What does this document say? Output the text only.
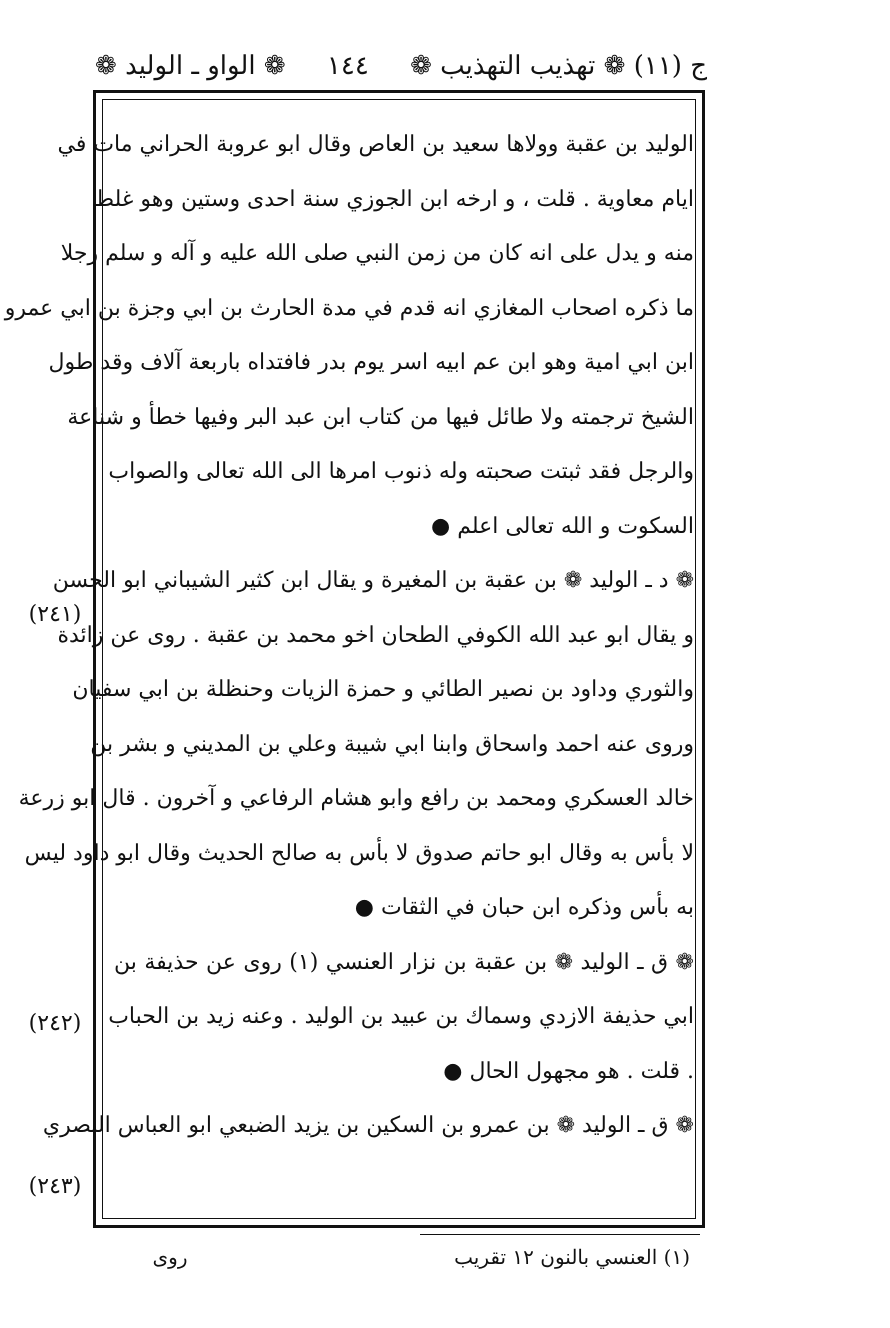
ج (١١) ❁ تهذيب التهذيب ❁
١٤٤
❁ الواو ـ الوليد ❁
الوليد بن عقبة وولاها سعيد بن العاص وقال ابو عروبة الحراني مات في
ايام معاوية . قلت ، و ارخه ابن الجوزي سنة احدى وستين وهو غلط
منه و يدل على انه كان من زمن النبي صلى الله عليه و آله و سلم رجلا
ما ذكره اصحاب المغازي انه قدم في مدة الحارث بن ابي وجزة بن ابي عمرو
ابن ابي امية وهو ابن عم ابيه اسر يوم بدر فافتداه باربعة آلاف وقد طول
الشيخ ترجمته ولا طائل فيها من كتاب ابن عبد البر وفيها خطأ و شناعة
والرجل فقد ثبتت صحبته وله ذنوب امرها الى الله تعالى والصواب
السكوت و الله تعالى اعلم ●
❁ د ـ الوليد ❁ بن عقبة بن المغيرة و يقال ابن كثير الشيباني ابو الحسن
و يقال ابو عبد الله الكوفي الطحان اخو محمد بن عقبة . روى عن زائدة
والثوري وداود بن نصير الطائي و حمزة الزيات وحنظلة بن ابي سفيان
وروى عنه احمد واسحاق وابنا ابي شيبة وعلي بن المديني و بشر بن
خالد العسكري ومحمد بن رافع وابو هشام الرفاعي و آخرون . قال ابو زرعة
لا بأس به وقال ابو حاتم صدوق لا بأس به صالح الحديث وقال ابو داود ليس
به بأس وذكره ابن حبان في الثقات ●
❁ ق ـ الوليد ❁ بن عقبة بن نزار العنسي (١) روى عن حذيفة بن
ابي حذيفة الازدي وسماك بن عبيد بن الوليد . وعنه زيد بن الحباب
. قلت . هو مجهول الحال ●
❁ ق ـ الوليد ❁ بن عمرو بن السكين بن يزيد الضبعي ابو العباس البصري
(٢٤١)
(٢٤٢)
(٢٤٣)
(١) العنسي بالنون ١٢ تقريب
روى
